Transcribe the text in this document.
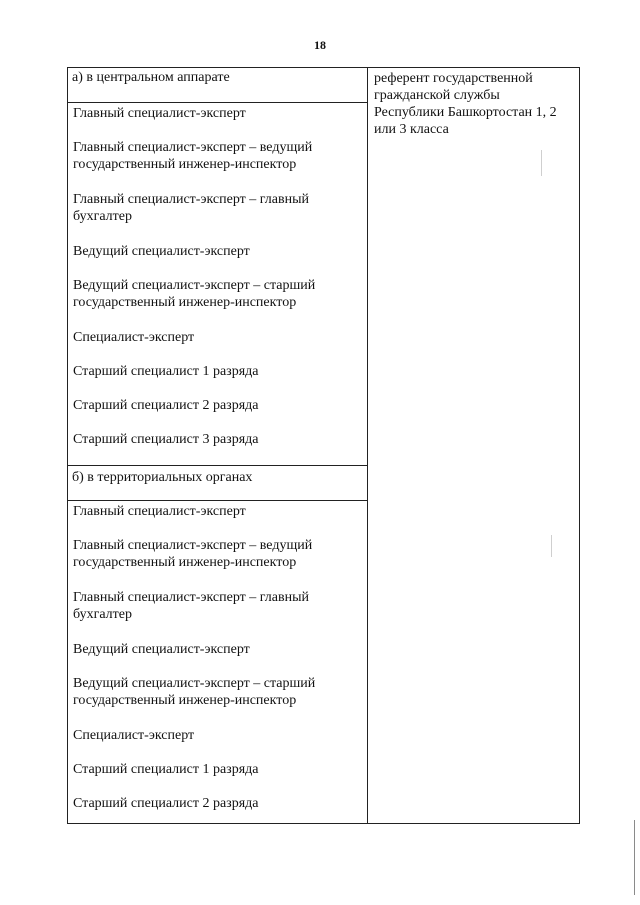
18
а) в центральном аппарате
Главный специалист-эксперт
Главный специалист-эксперт – ведущий государственный инженер-инспектор
Главный специалист-эксперт – главный бухгалтер
Ведущий специалист-эксперт
Ведущий специалист-эксперт – старший государственный инженер-инспектор
Специалист-эксперт
Старший специалист 1 разряда
Старший специалист 2 разряда
Старший специалист 3 разряда
б) в территориальных органах
Главный специалист-эксперт
Главный специалист-эксперт – ведущий государственный инженер-инспектор
Главный специалист-эксперт – главный бухгалтер
Ведущий специалист-эксперт
Ведущий специалист-эксперт – старший государственный инженер-инспектор
Специалист-эксперт
Старший специалист 1 разряда
Старший специалист 2 разряда
референт государственной гражданской службы Республики Башкортостан 1, 2 или 3 класса
